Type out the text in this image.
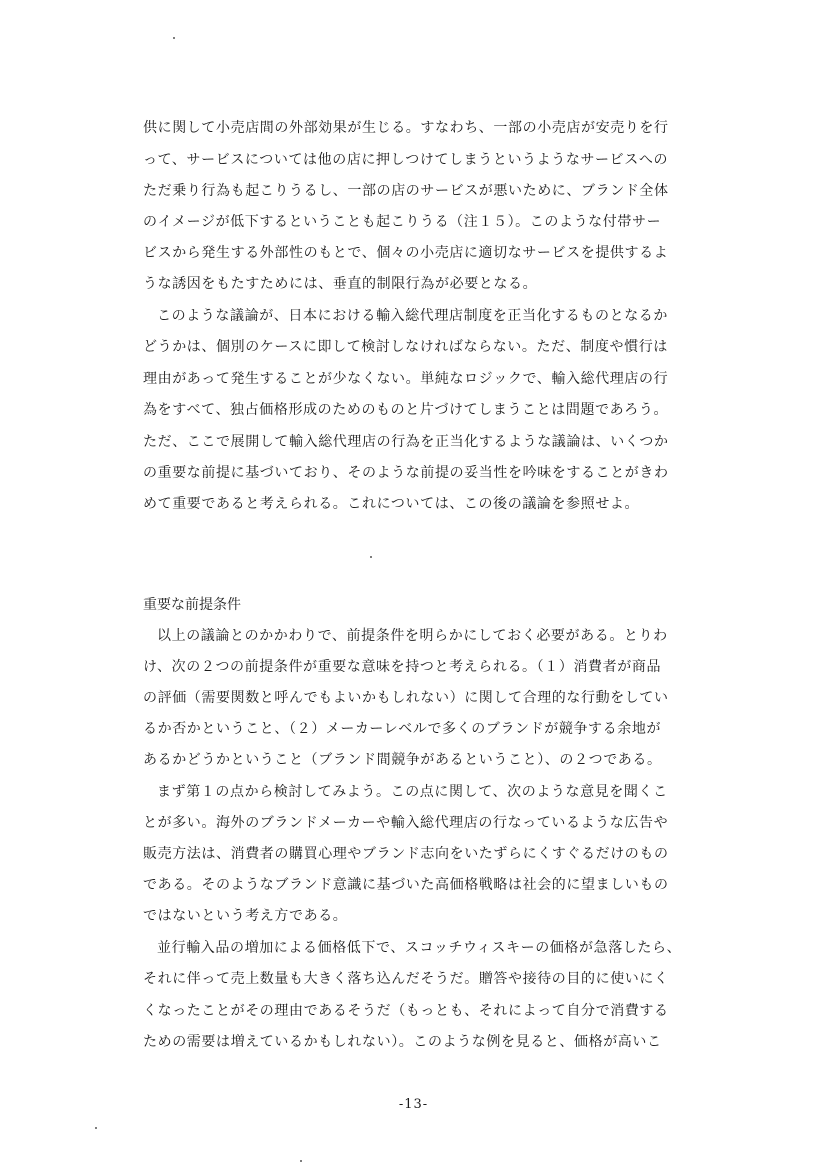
供に関して小売店間の外部効果が生じる。すなわち、一部の小売店が安売りを行
って、サービスについては他の店に押しつけてしまうというようなサービスへの
ただ乗り行為も起こりうるし、一部の店のサービスが悪いために、ブランド全体
のイメージが低下するということも起こりうる（注１５）。このような付帯サー
ビスから発生する外部性のもとで、個々の小売店に適切なサービスを提供するよ
うな誘因をもたすためには、垂直的制限行為が必要となる。
このような議論が、日本における輸入総代理店制度を正当化するものとなるか
どうかは、個別のケースに即して検討しなければならない。ただ、制度や慣行は
理由があって発生することが少なくない。単純なロジックで、輸入総代理店の行
為をすべて、独占価格形成のためのものと片づけてしまうことは問題であろう。
ただ、ここで展開して輸入総代理店の行為を正当化するような議論は、いくつか
の重要な前提に基づいており、そのような前提の妥当性を吟味をすることがきわ
めて重要であると考えられる。これについては、この後の議論を参照せよ。
重要な前提条件
以上の議論とのかかわりで、前提条件を明らかにしておく必要がある。とりわ
け、次の２つの前提条件が重要な意味を持つと考えられる。（１）消費者が商品
の評価（需要関数と呼んでもよいかもしれない）に関して合理的な行動をしてい
るか否かということ、（２）メーカーレベルで多くのブランドが競争する余地が
あるかどうかということ（ブランド間競争があるということ）、の２つである。
まず第１の点から検討してみよう。この点に関して、次のような意見を聞くこ
とが多い。海外のブランドメーカーや輸入総代理店の行なっているような広告や
販売方法は、消費者の購買心理やブランド志向をいたずらにくすぐるだけのもの
である。そのようなブランド意識に基づいた高価格戦略は社会的に望ましいもの
ではないという考え方である。
並行輸入品の増加による価格低下で、スコッチウィスキーの価格が急落したら、
それに伴って売上数量も大きく落ち込んだそうだ。贈答や接待の目的に使いにく
くなったことがその理由であるそうだ（もっとも、それによって自分で消費する
ための需要は増えているかもしれない）。このような例を見ると、価格が高いこ
-13-
